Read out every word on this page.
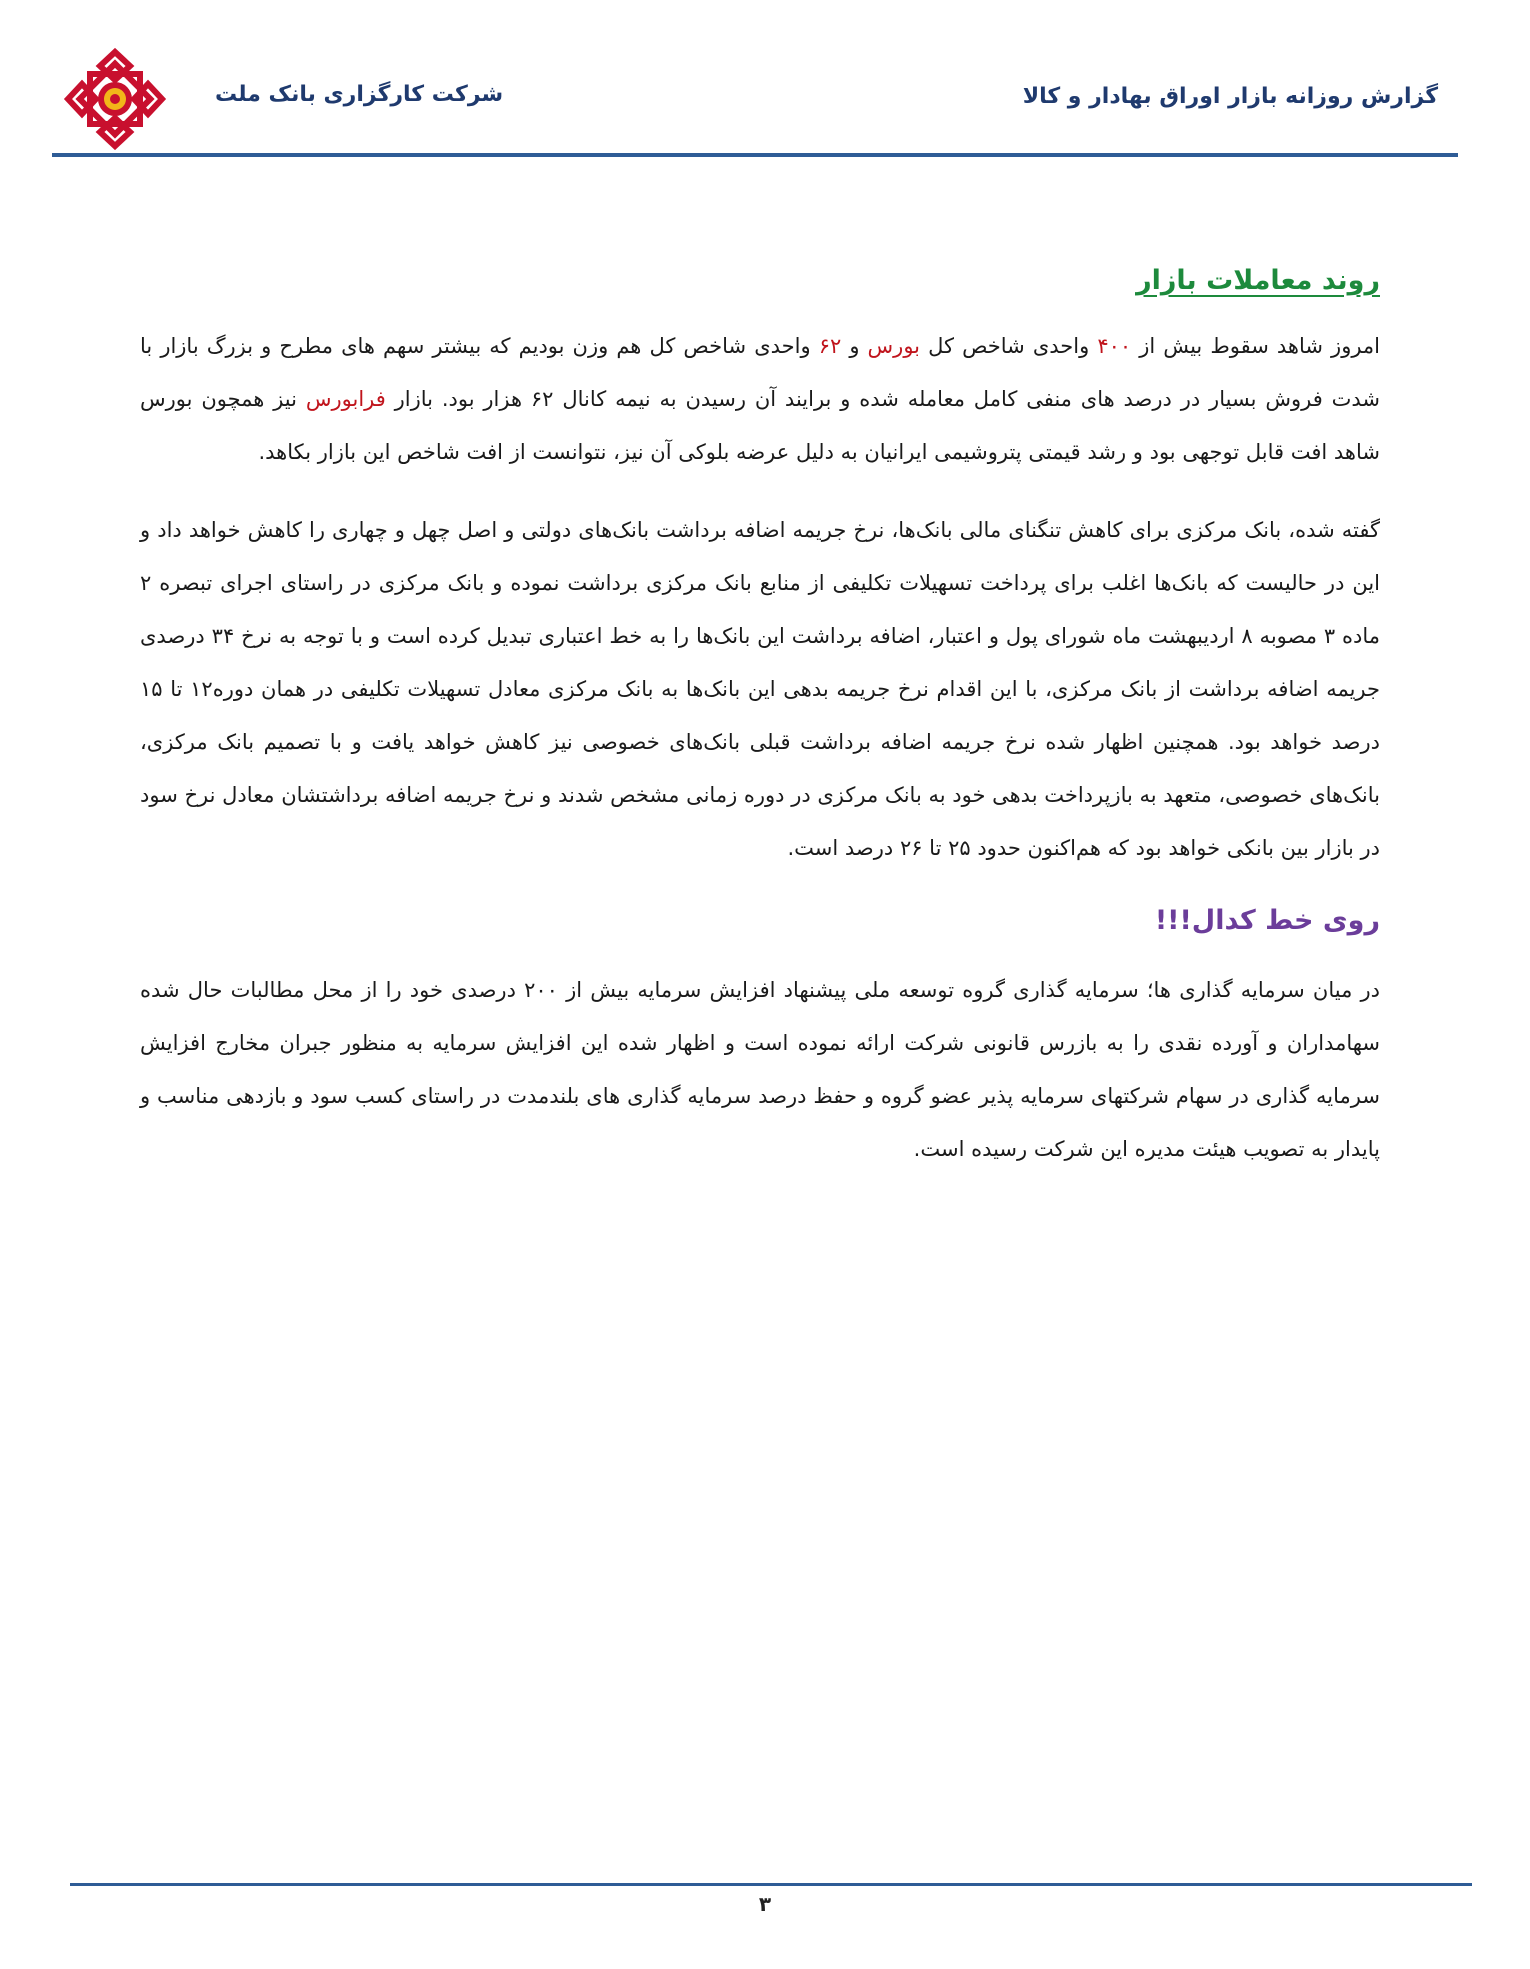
شرکت کارگزاری بانک ملت	گزارش روزانه بازار اوراق بهادار و کالا
روند معاملات بازار

امروز شاهد سقوط بیش از ۴۰۰ واحدی شاخص کل بورس و ۶۲ واحدی شاخص کل هم وزن بودیم که بیشتر سهم های مطرح و بزرگ بازار با شدت فروش بسیار در درصد های منفی کامل معامله شده و برایند آن رسیدن به نیمه کانال ۶۲ هزار بود. بازار فرابورس نیز همچون بورس شاهد افت قابل توجهی بود و رشد قیمتی پتروشیمی ایرانیان به دلیل عرضه بلوکی آن نیز، نتوانست از افت شاخص این بازار بکاهد.

گفته شده، بانک مرکزی برای کاهش تنگنای مالی بانک‌ها، نرخ جریمه اضافه برداشت بانک‌های دولتی و اصل چهل و چهاری را کاهش خواهد داد و این در حالیست که بانک‌ها اغلب برای پرداخت تسهیلات تکلیفی از منابع بانک مرکزی برداشت نموده و بانک مرکزی در راستای اجرای تبصره ۲ ماده ۳ مصوبه ۸ اردیبهشت ماه شورای پول و اعتبار، اضافه برداشت این بانک‌ها را به خط اعتباری تبدیل کرده است و با توجه به نرخ ۳۴ درصدی جریمه اضافه برداشت از بانک مرکزی، با این اقدام نرخ جریمه بدهی این بانک‌ها به بانک مرکزی معادل تسهیلات تکلیفی در همان دوره۱۲ تا ۱۵ درصد خواهد بود. همچنین اظهار شده نرخ جریمه اضافه برداشت قبلی بانک‌های خصوصی نیز کاهش خواهد یافت و با تصمیم بانک مرکزی، بانک‌های خصوصی، متعهد به بازپرداخت بدهی خود به بانک مرکزی در دوره زمانی مشخص شدند و نرخ جریمه اضافه برداشتشان معادل نرخ سود در بازار بین بانکی خواهد بود که هم‌اکنون حدود ۲۵ تا ۲۶ درصد است.

روی خط کدال!!!

در میان سرمایه گذاری ها؛ سرمایه گذاری گروه توسعه ملی پیشنهاد افزایش سرمایه بیش از ۲۰۰ درصدی خود را از محل مطالبات حال شده سهامداران و آورده نقدی را به بازرس قانونی شرکت ارائه نموده است و اظهار شده این افزایش سرمایه به منظور جبران مخارج افزایش سرمایه گذاری در سهام شرکتهای سرمایه پذیر عضو گروه و حفظ درصد سرمایه گذاری های بلندمدت در راستای کسب سود و بازدهی مناسب و پایدار به تصویب هیئت مدیره این شرکت رسیده است.

۳
